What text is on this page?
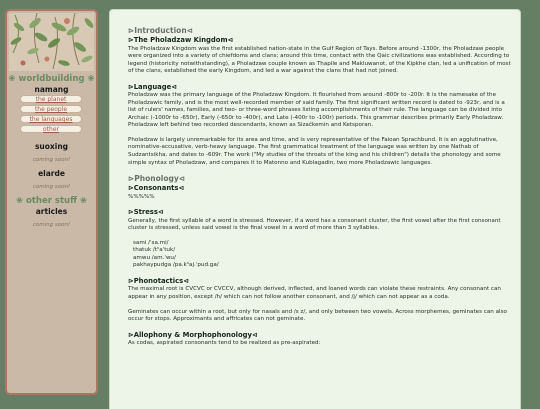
❀ worldbuilding ❀
namang
the planet
the people
the languages
other
suoxing
coming soon!
elarde
coming soon!
❀ other stuff ❀
articles
coming soon!
⊳Introduction⊲
⊳The Pholadzaw Kingdom⊲

The Pholadzaw Kingdom was the first established nation-state in the Gulf Region of Tays. Before around -1300r, the Pholadzaw people were organized into a variety of chiefdoms and clans; around this time, contact with the Qaic civilizations was established. According to legend (historicity notwithstanding), a Pholadzaw couple known as Thapile and Makluwanot, of the Kipkhe clan, led a unification of most of the clans, established the early Kingdom, and led a war against the clans that had not joined.

⊳Language⊲

Pholadzaw was the primary language of the Pholadzaw Kingdom. It flourished from around -800r to -200r. It is the namesake of the Pholadzawic family, and is the most well-recorded member of said family. The first significant written record is dated to -923r, and is a list of rulers' names, families, and two- or three-word phrases listing accomplishments of their rule. The language can be divided into Archaic (-1000r to -650r), Early (-650r to -400r), and Late (-400r to -100r) periods. This grammar describes primarily Early Pholadzaw. Pholadzaw left behind two recorded descendants, known as Sizačkemin and Ketsporan.

Pholadzaw is largely unremarkable for its area and time, and is very representative of the Faioan Sprachbund. It is an agglutinative, nominative-accusative, verb-heavy language. The first grammatical treatment of the language was written by one Nathab of Sudzantsikha, and dates to -609r. The work ("My studies of the throats of the king and his children") details the phonology and some simple syntax of Pholadzaw, and compares it to Matonno and Kublagadin, two more Pholadzawic languages.

⊳Phonology⊲
⊳Consonants⊲

%%%%%

⊳Stress⊲

Generally, the first syllable of a word is stressed. However, if a word has a consonant cluster, the first vowel after the first consonant cluster is stressed, unless said vowel is the final vowel in a word of more than 3 syllables.

sami /ˈsa.mi/
thatuk /tʰaˈtuk/
amwu /am.ˈwu/
pakhaypudga /pa.kʰaj.ˈpud.ga/
⊳Phonotactics⊲

The maximal root is CVCVC or CVCCV, although derived, inflected, and loaned words can violate these restraints. Any consonant can appear in any position, except /h/ which can not follow another consonant, and /j/ which can not appear as a coda.

Geminates can occur within a root, but only for nasals and /s z/, and only between two vowels. Across morphemes, geminates can also occur for stops. Approximants and affricates can not geminate.

⊳Allophony & Morphophonology⊲

As codas, aspirated consonants tend to be realized as pre-aspirated:
